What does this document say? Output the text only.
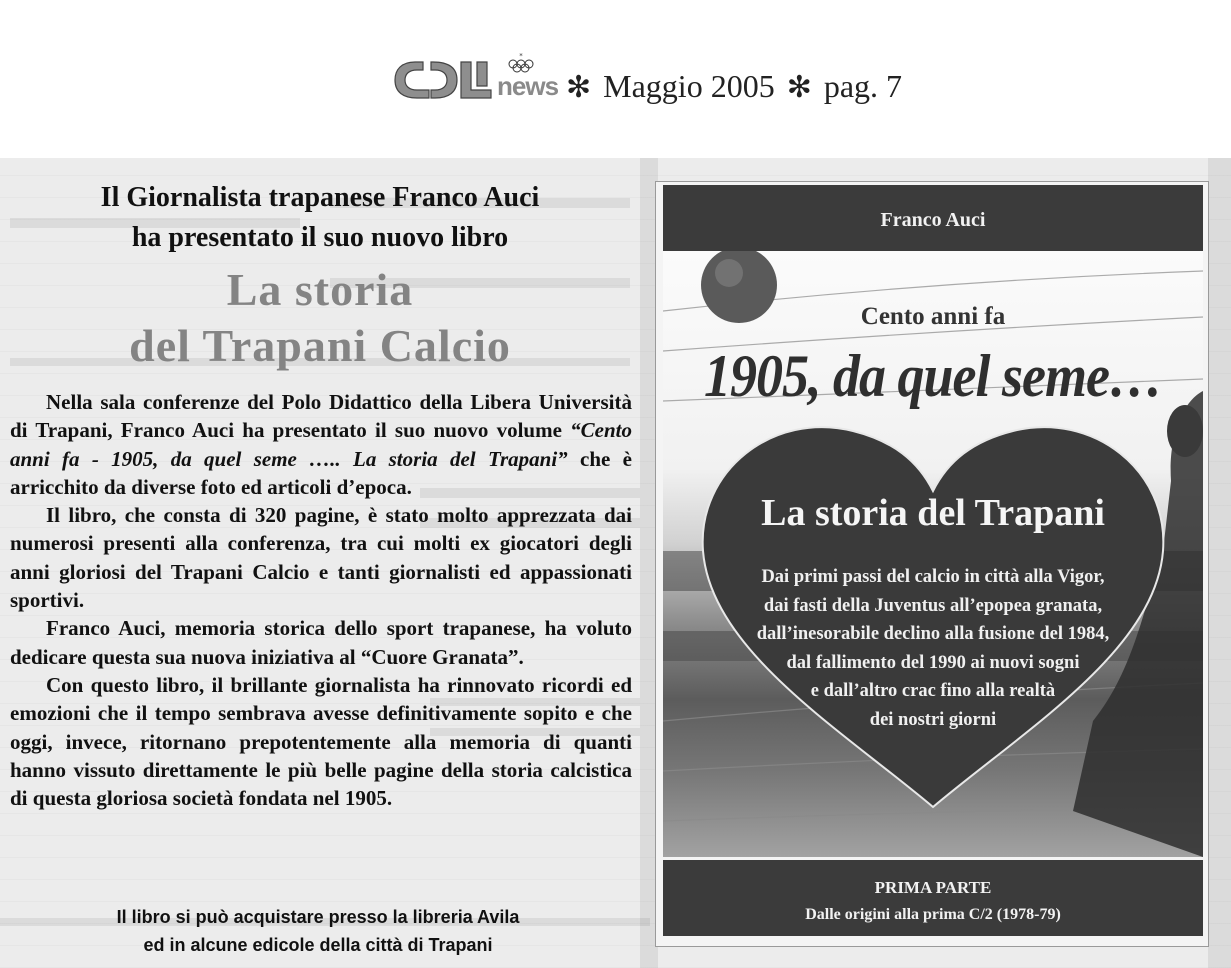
*
news ✻ Maggio 2005 ✻ pag. 7
Il Giornalista trapanese Franco Auci
ha presentato il suo nuovo libro
La storia
del Trapani Calcio

Nella sala conferenze del Polo Didattico della Libera Università di Trapani, Franco Auci ha presentato il suo nuovo volume “Cento anni fa - 1905, da quel seme ….. La storia del Trapani” che è arricchito da diverse foto ed articoli d’epoca.

Il libro, che consta di 320 pagine, è stato molto apprezzata dai numerosi presenti alla conferenza, tra cui molti ex giocatori degli anni gloriosi del Trapani Calcio e tanti giornalisti ed appassionati sportivi.

Franco Auci, memoria storica dello sport trapanese, ha voluto dedicare questa sua nuova iniziativa al “Cuore Granata”.

Con questo libro, il brillante giornalista ha rinnovato ricordi ed emozioni che il tempo sembrava avesse definitivamente sopito e che oggi, invece, ritornano prepotentemente alla memoria di quanti hanno vissuto direttamente le più belle pagine della storia calcistica di questa gloriosa società fondata nel 1905.

Il libro si può acquistare presso la libreria Avila
ed in alcune edicole della città di Trapani
Franco Auci
Cento anni fa
1905, da quel seme…
La storia del Trapani
Dai primi passi del calcio in città alla Vigor,
dai fasti della Juventus all’epopea granata,
dall’inesorabile declino alla fusione del 1984,
dal fallimento del 1990 ai nuovi sogni
e dall’altro crac fino alla realtà
dei nostri giorni
PRIMA PARTE
Dalle origini alla prima C/2 (1978-79)
